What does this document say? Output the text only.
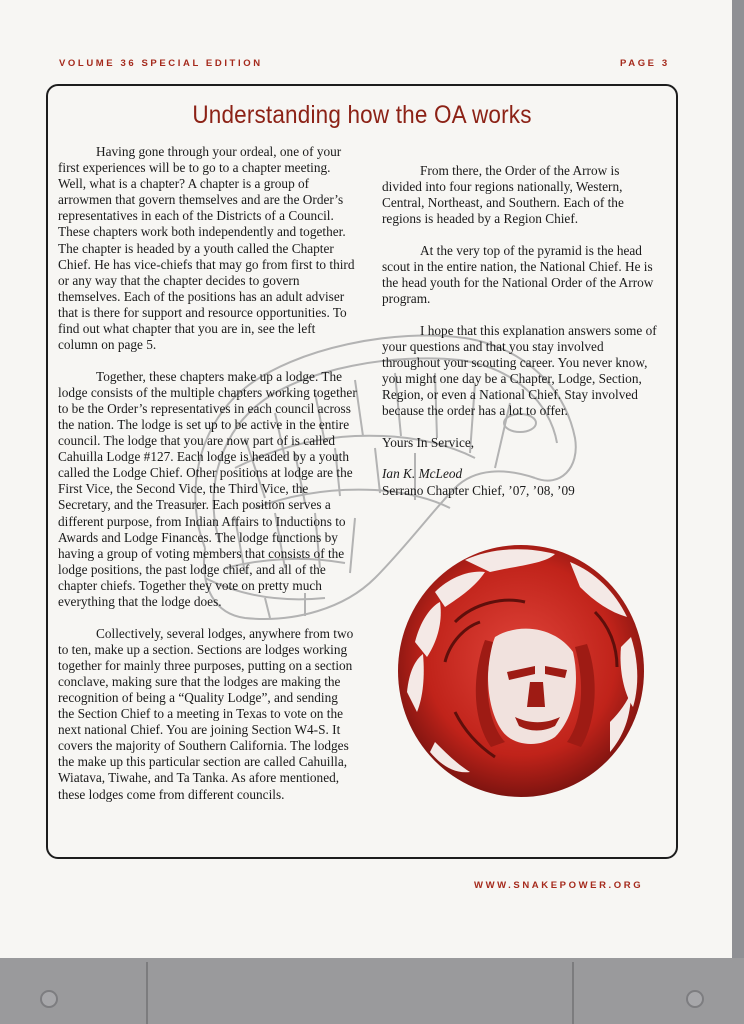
VOLUME 36 SPECIAL EDITION	PAGE 3
Understanding how the OA works

Having gone through your ordeal, one of your first experiences will be to go to a chapter meeting. Well, what is a chapter? A chapter is a group of arrowmen that govern themselves and are the Order’s representatives in each of the Districts of a Council. These chapters work both independently and together. The chapter is headed by a youth called the Chapter Chief. He has vice-chiefs that may go from first to third or any way that the chapter decides to govern themselves. Each of the positions has an adult adviser that is there for support and resource opportunities. To find out what chapter that you are in, see the left column on page 5.

Together, these chapters make up a lodge. The lodge consists of the multiple chapters working together to be the Order’s representatives in each council across the nation. The lodge is set up to be active in the entire council. The lodge that you are now part of is called Cahuilla Lodge #127. Each lodge is headed by a youth called the Lodge Chief. Other positions at lodge are the First Vice, the Second Vice, the Third Vice, the Secretary, and the Treasurer. Each position serves a different purpose, from Indian Affairs to Inductions to Awards and Lodge Finances. The lodge functions by having a group of voting members that consists of the lodge positions, the past lodge chief, and all of the chapter chiefs. Together they vote on pretty much everything that the lodge does.

Collectively, several lodges, anywhere from two to ten, make up a section. Sections are lodges working together for mainly three purposes, putting on a section conclave, making sure that the lodges are making the recognition of being a “Quality Lodge”, and sending the Section Chief to a meeting in Texas to vote on the next national Chief. You are joining Section W4-S. It covers the majority of Southern California. The lodges the make up this particular section are called Cahuilla, Wiatava, Tiwahe, and Ta Tanka. As afore mentioned, these lodges come from different councils.

From there, the Order of the Arrow is divided into four regions nationally, Western, Central, Northeast, and Southern. Each of the regions is headed by a Region Chief.

At the very top of the pyramid is the head scout in the entire nation, the National Chief. He is the head youth for the National Order of the Arrow program.

I hope that this explanation answers some of your questions and that you stay involved throughout your scouting career. You never know, you might one day be a Chapter, Lodge, Section, Region, or even a National Chief. Stay involved because the order has a lot to offer.

Yours In Service,

Ian K. McLeod
Serrano Chapter Chief, ’07, ’08, ’09

WWW.SNAKEPOWER.ORG
